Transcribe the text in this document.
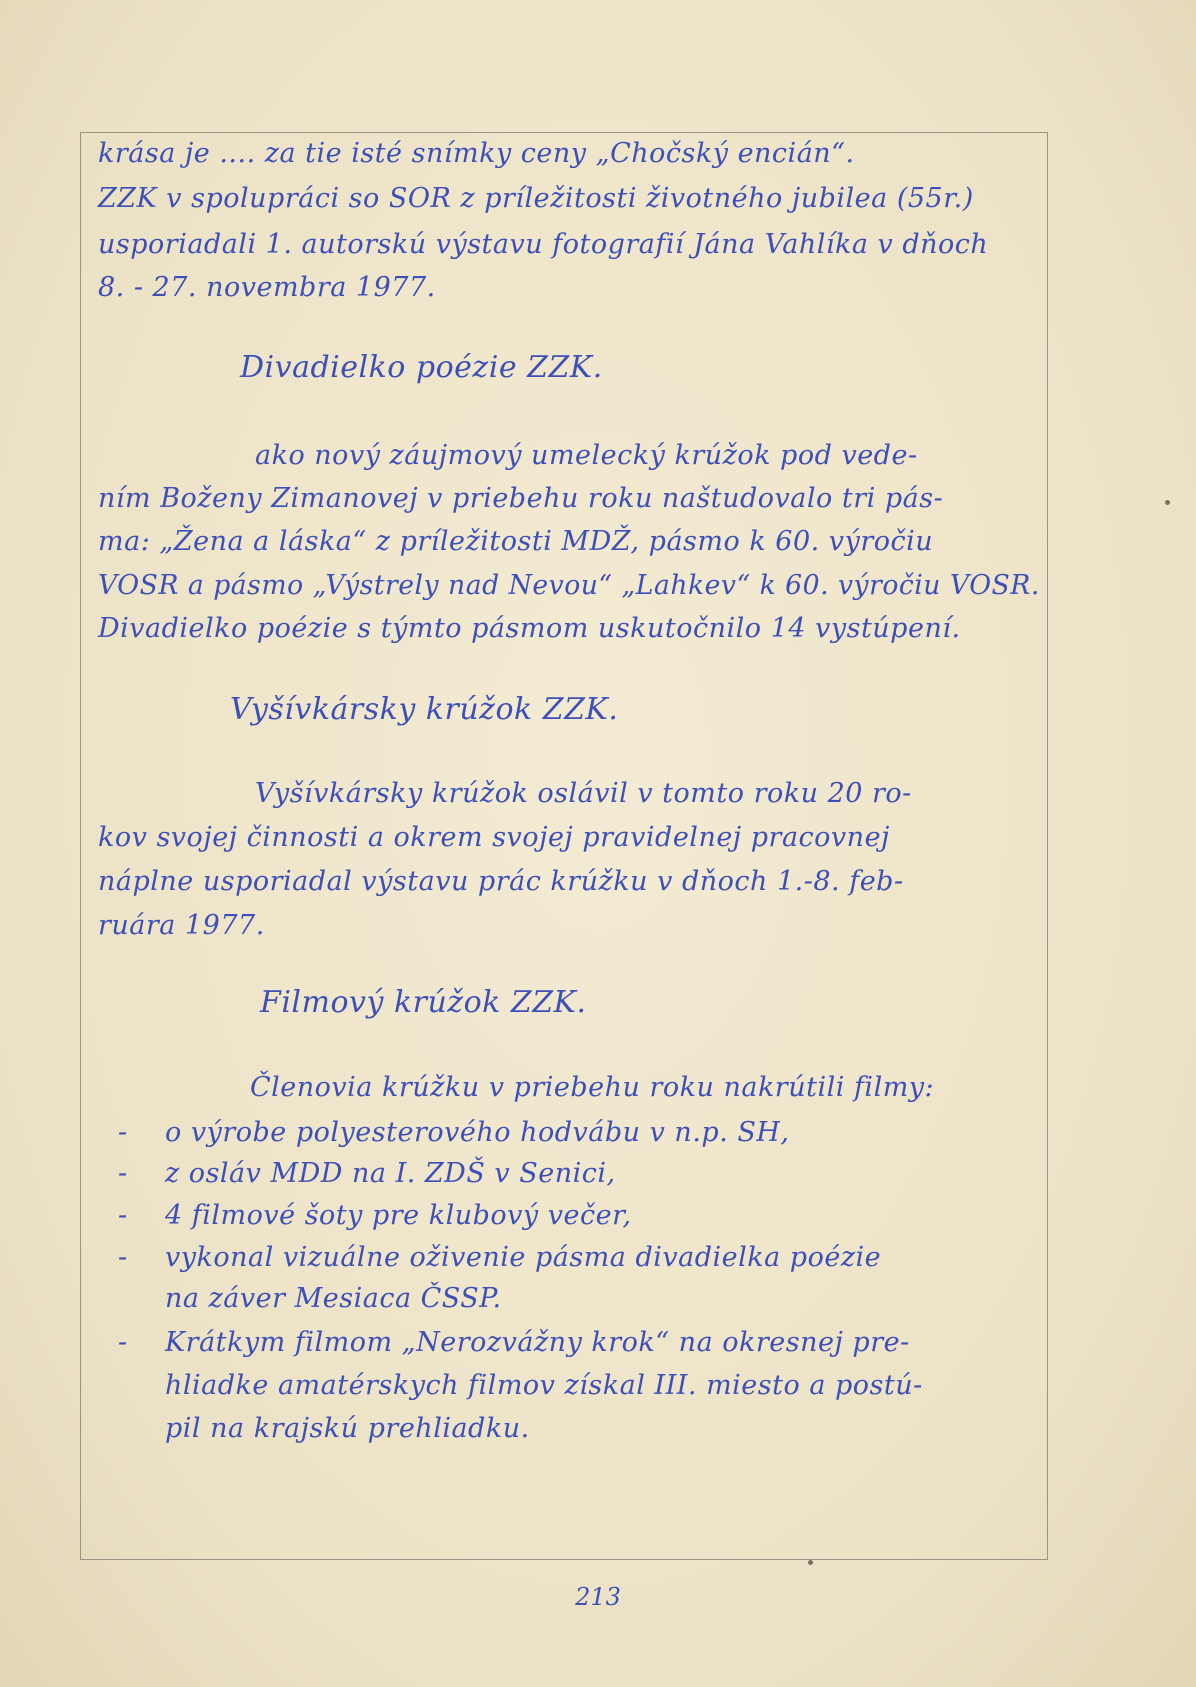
krása je .... za tie isté snímky ceny „Chočský encián“.
ZZK v spolupráci so SOR z príležitosti životného jubilea (55r.)
usporiadali 1. autorskú výstavu fotografií Jána Vahlíka v dňoch
8. - 27. novembra 1977.
Divadielko poézie ZZK.
ako nový záujmový umelecký krúžok pod vede-
ním Boženy Zimanovej v priebehu roku naštudovalo tri pás-
ma: „Žena a láska“ z príležitosti MDŽ, pásmo k 60. výročiu
VOSR a pásmo „Výstrely nad Nevou“ „Lahkev“ k 60. výročiu VOSR.
Divadielko poézie s týmto pásmom uskutočnilo 14 vystúpení.
Vyšívkársky krúžok ZZK.
Vyšívkársky krúžok oslávil v tomto roku 20 ro-
kov svojej činnosti a okrem svojej pravidelnej pracovnej
náplne usporiadal výstavu prác krúžku v dňoch 1.-8. feb-
ruára 1977.
Filmový krúžok ZZK.
Členovia krúžku v priebehu roku nakrútili filmy:
- o výrobe polyesterového hodvábu v n.p. SH,
- z osláv MDD na I. ZDŠ v Senici,
- 4 filmové šoty pre klubový večer,
- vykonal vizuálne oživenie pásma divadielka poézie
na záver Mesiaca ČSSP.
- Krátkym filmom „Nerozvážny krok“ na okresnej pre-
hliadke amatérskych filmov získal III. miesto a postú-
pil na krajskú prehliadku.
213
